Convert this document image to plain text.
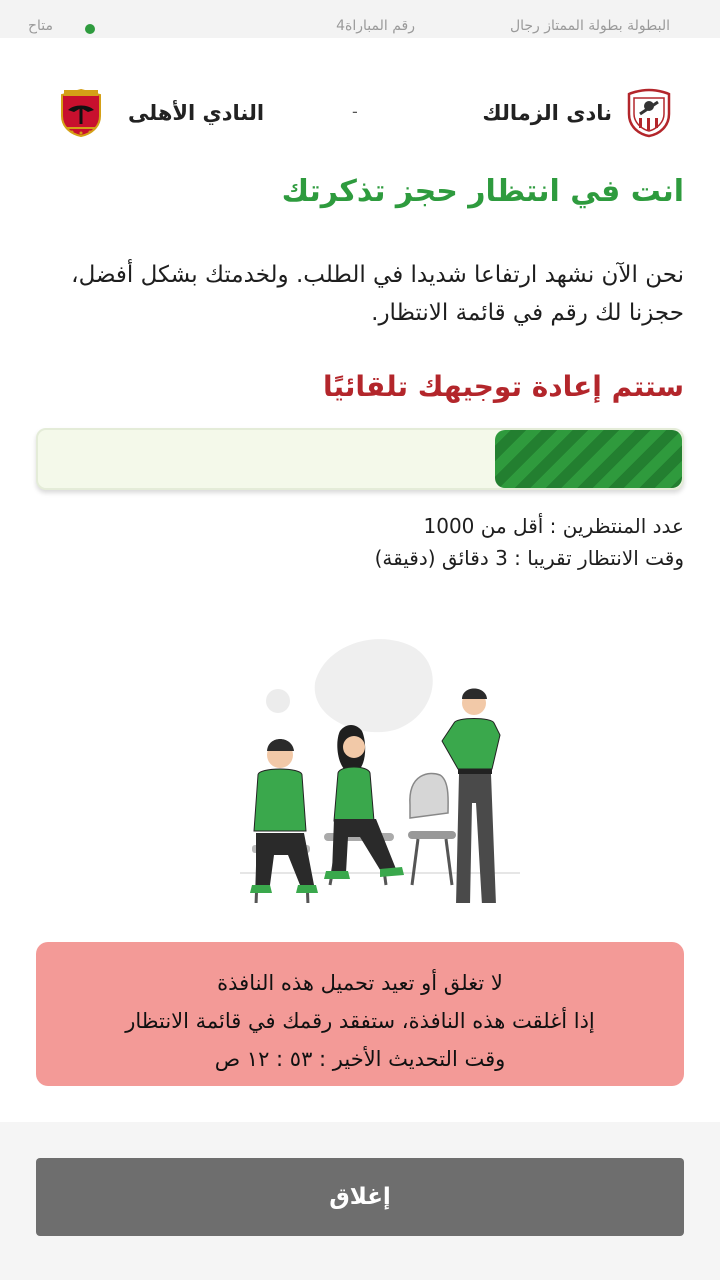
البطولة بطولة الممتاز رجال
رقم المباراة4
متاح
نادى الزمالك
-
النادي الأهلى
انت في انتظار حجز تذكرتك
نحن الآن نشهد ارتفاعا شديدا في الطلب. ولخدمتك بشكل أفضل، حجزنا لك رقم في قائمة الانتظار.
ستتم إعادة توجيهك تلقائيًا
عدد المنتظرين : أقل من 1000
وقت الانتظار تقريبا : 3 دقائق (دقيقة)
لا تغلق أو تعيد تحميل هذه النافذة
إذا أغلقت هذه النافذة، ستفقد رقمك في قائمة الانتظار
وقت التحديث الأخير : ٥٣ : ١٢ ص
إغلاق
